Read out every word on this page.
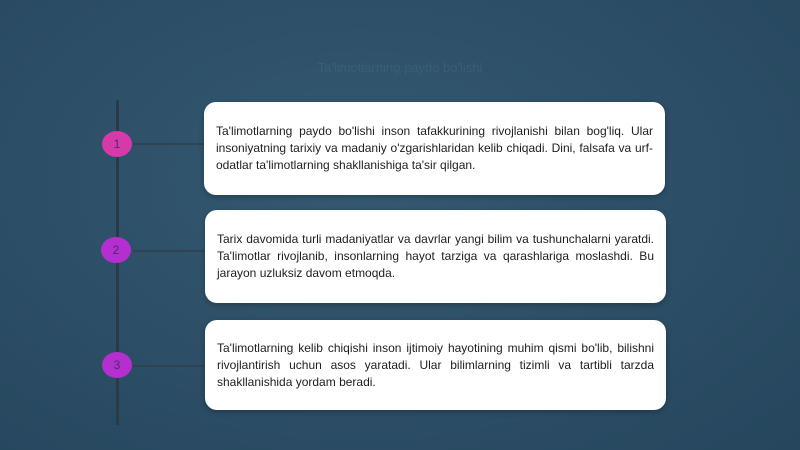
Ta'limotlarning paydo bo'lishi
1

Ta'limotlarning paydo bo'lishi inson tafakkurining rivojlanishi bilan bog'liq. Ular insoniyatning tarixiy va madaniy o'zgarishlaridan kelib chiqadi. Dini, falsafa va urf-odatlar ta'limotlarning shakllanishiga ta'sir qilgan.

2

Tarix davomida turli madaniyatlar va davrlar yangi bilim va tushunchalarni yaratdi. Ta'limotlar rivojlanib, insonlarning hayot tarziga va qarashlariga moslashdi. Bu jarayon uzluksiz davom etmoqda.

3

Ta'limotlarning kelib chiqishi inson ijtimoiy hayotining muhim qismi bo'lib, bilishni rivojlantirish uchun asos yaratadi. Ular bilimlarning tizimli va tartibli tarzda shakllanishida yordam beradi.
